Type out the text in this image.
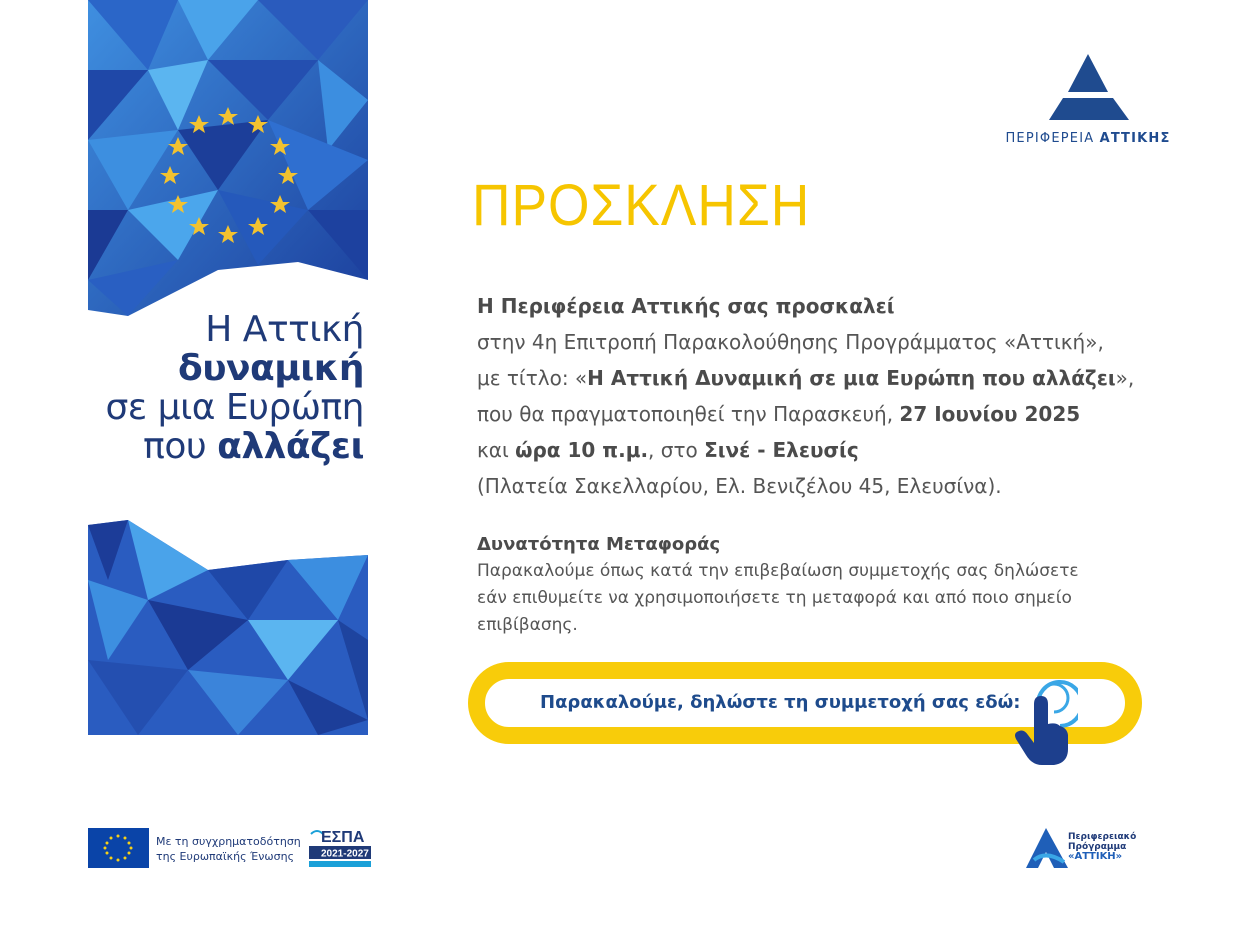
Η Αττική
δυναμική
σε μια Ευρώπη
που αλλάζει
ΠΕΡΙΦΕΡΕΙΑ ΑΤΤΙΚΗΣ
ΠΡΟΣΚΛΗΣΗ

Η Περιφέρεια Αττικής σας προσκαλεί

στην 4η Επιτροπή Παρακολούθησης Προγράμματος «Αττική»,

με τίτλο: «Η Αττική Δυναμική σε μια Ευρώπη που αλλάζει»,

που θα πραγματοποιηθεί την Παρασκευή, 27 Ιουνίου 2025

και ώρα 10 π.μ., στο Σινέ - Ελευσίς

(Πλατεία Σακελλαρίου, Ελ. Βενιζέλου 45, Ελευσίνα).

Δυνατότητα Μεταφοράς
Παρακαλούμε όπως κατά την επιβεβαίωση συμμετοχής σας δηλώσετε
εάν επιθυμείτε να χρησιμοποιήσετε τη μεταφορά και από ποιο σημείο
επιβίβασης.
Παρακαλούμε, δηλώστε τη συμμετοχή σας εδώ:
Με τη συγχρηματοδότηση
της Ευρωπαϊκής Ένωσης
ΕΣΠΑ
2021-2027
Περιφερειακό
Πρόγραμμα
«ΑΤΤΙΚΗ»
